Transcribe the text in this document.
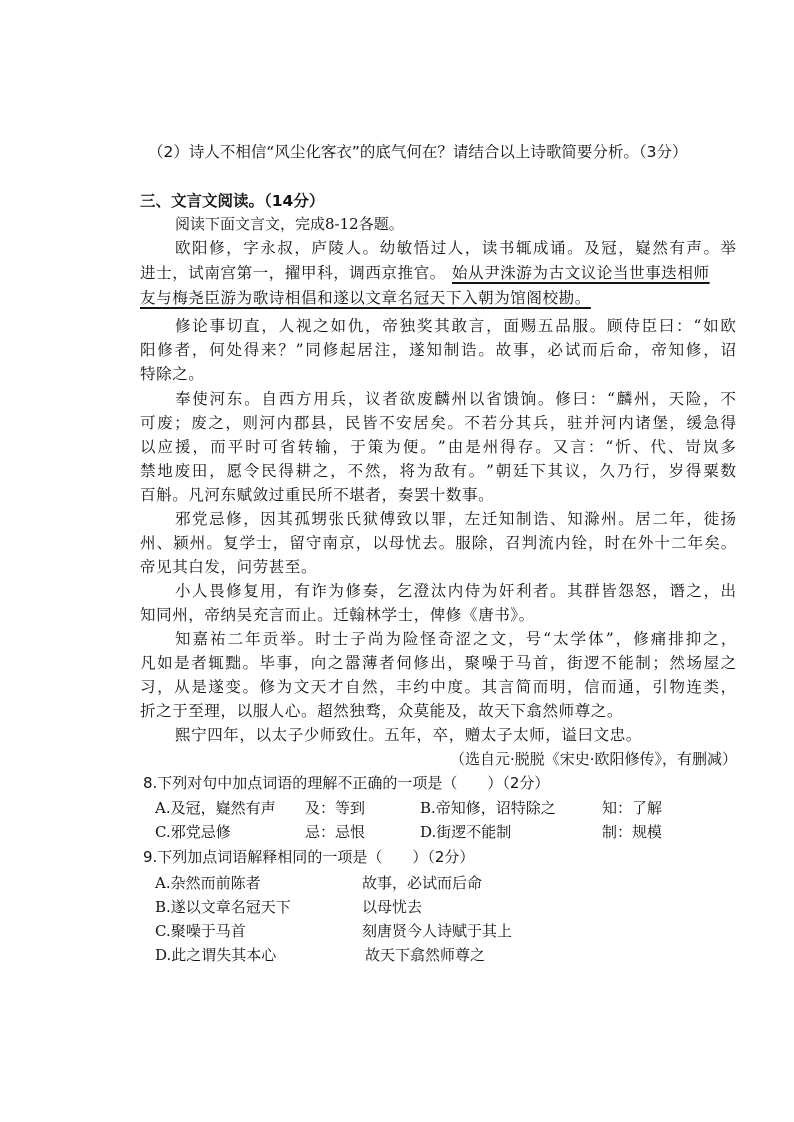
（2）诗人不相信“风尘化客衣”的底气何在？请结合以上诗歌简要分析。（3分）
三、文言文阅读。（14分）
阅读下面文言文，完成8-12各题。
欧 阳 修 ， 字 永 叔 ， 庐 陵 人 。 幼 敏 悟 过 人 ， 读 书 辄 成 诵 。 及 冠 ， 嶷 然 有 声 。 举
进士，试南宫第一，擢甲科，调西京推官。 始从尹洙游为古文议论当世事迭相师
友与梅尧臣游为歌诗相倡和遂以文章名冠天下入朝为馆阁校勘。
修 论 事 切 直 ， 人 视 之 如 仇 ， 帝 独 奖 其 敢 言 ， 面 赐 五 品 服 。 顾 侍 臣 曰 ： “ 如 欧
阳 修 者 ， 何 处 得 来 ？ ” 同 修 起 居 注 ， 遂 知 制 诰 。 故 事 ， 必 试 而 后 命 ， 帝 知 修 ， 诏
特除之。
奉 使 河 东 。 自 西 方 用 兵 ， 议 者 欲 废 麟 州 以 省 馈 饷 。 修 曰 ： “ 麟 州 ， 天 险 ， 不
可 废 ； 废 之 ， 则 河 内 郡 县 ， 民 皆 不 安 居 矣 。 不 若 分 其 兵 ， 驻 并 河 内 诸 堡 ， 缓 急 得
以 应 援 ， 而 平 时 可 省 转 输 ， 于 策 为 便 。 ” 由 是 州 得 存 。 又 言 ： “ 忻 、 代 、 岢 岚 多
禁 地 废 田 ， 愿 令 民 得 耕 之 ， 不 然 ， 将 为 敌 有 。 ” 朝 廷 下 其 议 ， 久 乃 行 ， 岁 得 粟 数
百斛。凡河东赋敛过重民所不堪者，奏罢十数事。
邪 党 忌 修 ， 因 其 孤 甥 张 氏 狱 傅 致 以 罪 ， 左 迁 知 制 诰 、 知 滁 州 。 居 二 年 ， 徙 扬
州 、 颍 州 。 复 学 士 ， 留 守 南 京 ， 以 母 忧 去 。 服 除 ， 召 判 流 内 铨 ， 时 在 外 十 二 年 矣 。
帝见其白发，问劳甚至。
小 人 畏 修 复 用 ， 有 诈 为 修 奏 ， 乞 澄 汰 内 侍 为 奸 利 者 。 其 群 皆 怨 怒 ， 谮 之 ， 出
知同州，帝纳吴充言而止。迁翰林学士，俾修《唐书》。
知 嘉 祐 二 年 贡 举 。 时 士 子 尚 为 险 怪 奇 涩 之 文 ， 号 “ 太 学 体 ” ， 修 痛 排 抑 之 ，
凡 如 是 者 辄 黜 。 毕 事 ， 向 之 嚣 薄 者 伺 修 出 ， 聚 噪 于 马 首 ， 街 逻 不 能 制 ； 然 场 屋 之
习 ， 从 是 遂 变 。 修 为 文 天 才 自 然 ， 丰 约 中 度 。 其 言 简 而 明 ， 信 而 通 ， 引 物 连 类 ，
折之于至理，以服人心。超然独骛，众莫能及，故天下翕然师尊之。
熙宁四年，以太子少师致仕。五年，卒，赠太子太师，谥曰文忠。
（选自元·脱脱《宋史·欧阳修传》，有删减）
8.下列对句中加点词语的理解不正确的一项是（　　）（2分）
A.及冠，嶷然有声 及：等到	B.帝知修，诏特除之	知：了解
C.邪党忌修	忌：忌恨	D.街逻不能制	制：规模
9.下列加点词语解释相同的一项是（　　）（2分）
A.杂然而前陈者	故事，必试而后命
B.遂以文章名冠天下	以母忧去
C.聚噪于马首	刻唐贤今人诗赋于其上
D.此之谓失其本心	故天下翕然师尊之
